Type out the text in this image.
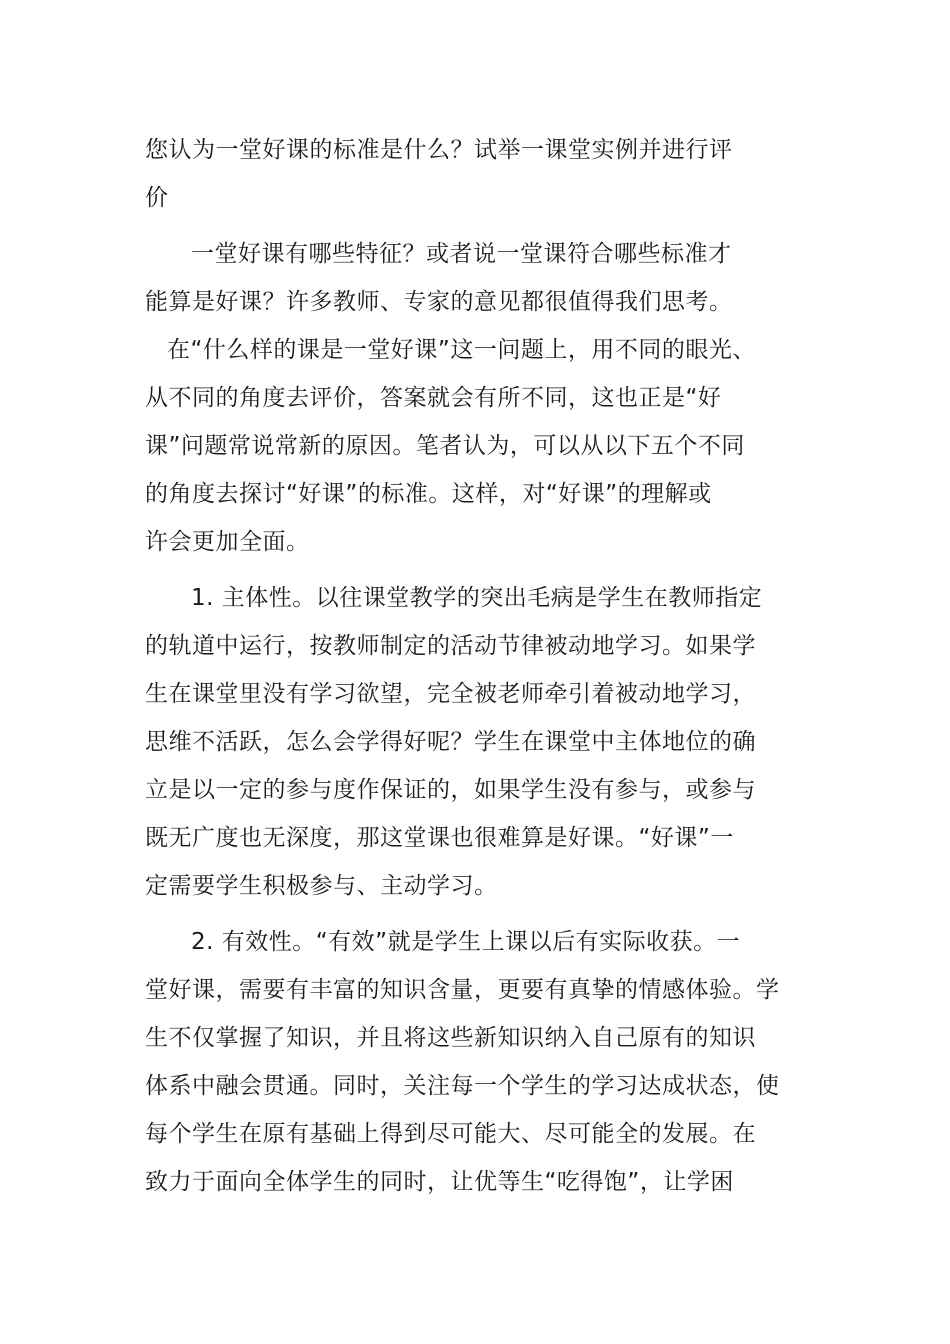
您认为一堂好课的标准是什么？试举一课堂实例并进行评
价
一堂好课有哪些特征？或者说一堂课符合哪些标准才
能算是好课？许多教师、专家的意见都很值得我们思考。
在“什么样的课是一堂好课”这一问题上，用不同的眼光、
从不同的角度去评价，答案就会有所不同，这也正是“好
课”问题常说常新的原因。笔者认为，可以从以下五个不同
的角度去探讨“好课”的标准。这样，对“好课”的理解或
许会更加全面。
1. 主体性。以往课堂教学的突出毛病是学生在教师指定
的轨道中运行，按教师制定的活动节律被动地学习。如果学
生在课堂里没有学习欲望，完全被老师牵引着被动地学习，
思维不活跃，怎么会学得好呢？学生在课堂中主体地位的确
立是以一定的参与度作保证的，如果学生没有参与，或参与
既无广度也无深度，那这堂课也很难算是好课。“好课”一
定需要学生积极参与、主动学习。
2. 有效性。“有效”就是学生上课以后有实际收获。一
堂好课，需要有丰富的知识含量，更要有真挚的情感体验。学
生不仅掌握了知识，并且将这些新知识纳入自己原有的知识
体系中融会贯通。同时，关注每一个学生的学习达成状态，使
每个学生在原有基础上得到尽可能大、尽可能全的发展。在
致力于面向全体学生的同时，让优等生“吃得饱”，让学困
